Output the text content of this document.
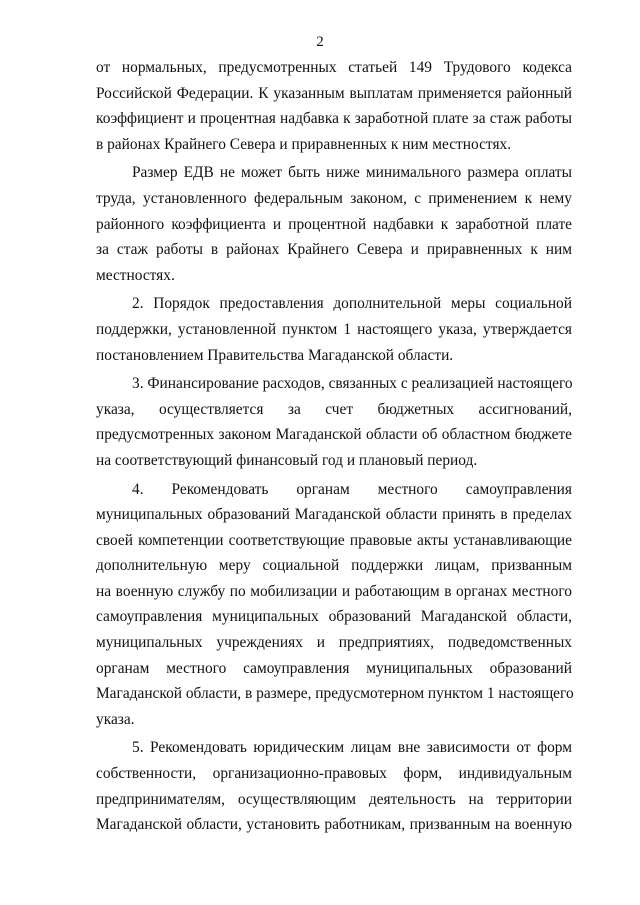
2
от нормальных, предусмотренных статьей 149 Трудового кодекса
Российской Федерации. К указанным выплатам применяется районный
коэффициент и процентная надбавка к заработной плате за стаж работы
в районах Крайнего Севера и приравненных к ним местностях.
Размер ЕДВ не может быть ниже минимального размера оплаты
труда, установленного федеральным законом, с применением к нему
районного коэффициента и процентной надбавки к заработной плате
за стаж работы в районах Крайнего Севера и приравненных к ним
местностях.
2. Порядок предоставления дополнительной меры социальной
поддержки, установленной пунктом 1 настоящего указа, утверждается
постановлением Правительства Магаданской области.
3. Финансирование расходов, связанных с реализацией настоящего
указа, осуществляется за счет бюджетных ассигнований,
предусмотренных законом Магаданской области об областном бюджете
на соответствующий финансовый год и плановый период.
4. Рекомендовать органам местного самоуправления
муниципальных образований Магаданской области принять в пределах
своей компетенции соответствующие правовые акты устанавливающие
дополнительную меру социальной поддержки лицам, призванным
на военную службу по мобилизации и работающим в органах местного
самоуправления муниципальных образований Магаданской области,
муниципальных учреждениях и предприятиях, подведомственных
органам местного самоуправления муниципальных образований
Магаданской области, в размере, предусмотерном пунктом 1 настоящего
указа.
5. Рекомендовать юридическим лицам вне зависимости от форм
собственности, организационно-правовых форм, индивидуальным
предпринимателям, осуществляющим деятельность на территории
Магаданской области, установить работникам, призванным на военную
